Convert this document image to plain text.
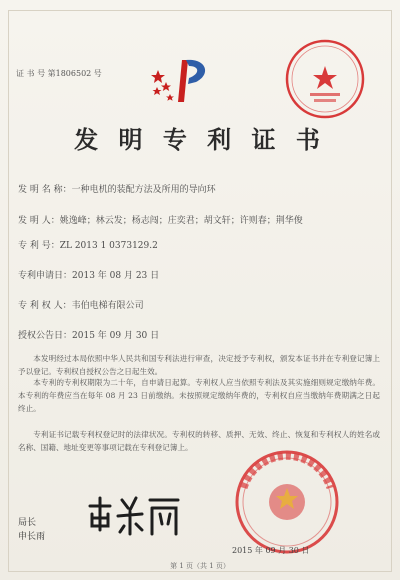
证 书 号 第1806502 号
发 明 专 利 证 书
发 明 名 称：一种电机的装配方法及所用的导向环
发 明 人：姚逸峰；林云发；杨志闯；庄奕君；胡文轩；许则春；荆华俊
专 利 号：ZL 2013 1 0373129.2
专利申请日：2013 年 08 月 23 日
专 利 权 人：韦伯电梯有限公司
授权公告日：2015 年 09 月 30 日
本发明经过本局依照中华人民共和国专利法进行审查，决定授予专利权，颁发本证书并在专利登记簿上予以登记。专利权自授权公告之日起生效。
本专利的专利权期限为二十年，自申请日起算。专利权人应当依照专利法及其实施细则规定缴纳年费。本专利的年费应当在每年 08 月 23 日前缴纳。未按照规定缴纳年费的，专利权自应当缴纳年费期满之日起终止。
专利证书记载专利权登记时的法律状况。专利权的转移、质押、无效、终止、恢复和专利权人的姓名或名称、国籍、地址变更等事项记载在专利登记簿上。
局长
申长雨
2015 年 09 月 30 日
第 1 页（共 1 页）
